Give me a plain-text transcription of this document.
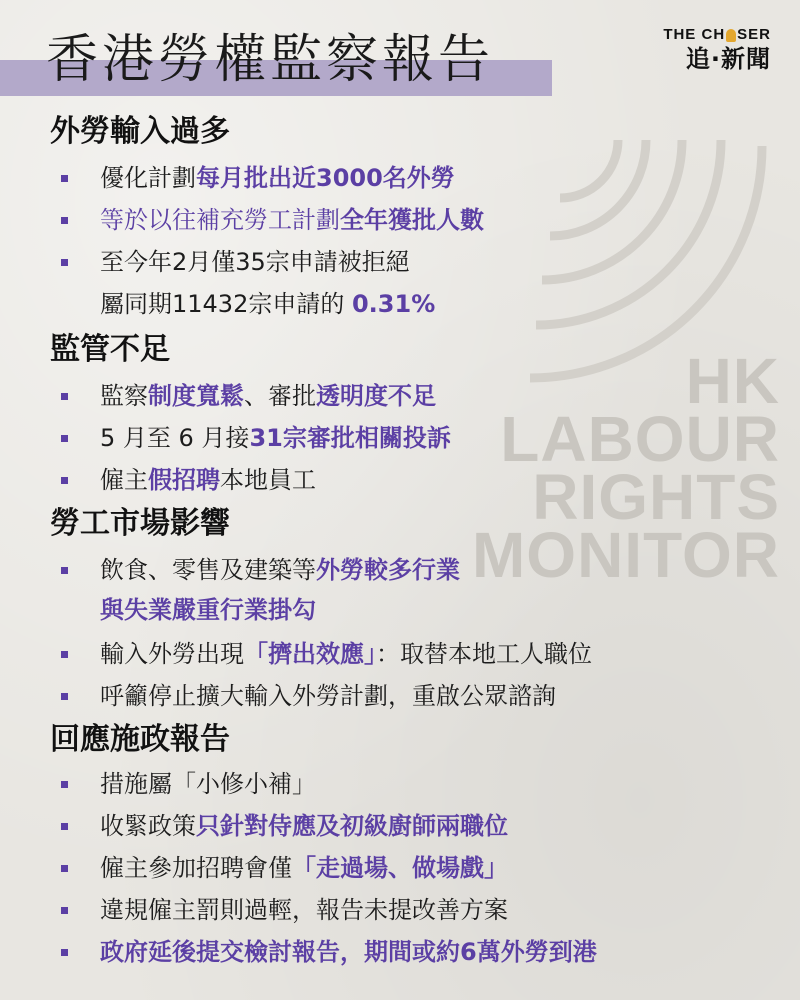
香港勞權監察報告	THE CH SER
追·新聞
HK
LABOUR
RIGHTS
MONITOR
外勞輸入過多
優化計劃每月批出近3000名外勞
等於以往補充勞工計劃全年獲批人數
至今年2月僅35宗申請被拒絕
屬同期11432宗申請的 0.31%
監管不足
監察制度寬鬆、審批透明度不足
5 月至 6 月接31宗審批相關投訴
僱主假招聘本地員工
勞工市場影響
飲食、零售及建築等外勞較多行業
與失業嚴重行業掛勾
輸入外勞出現「擠出效應」：取替本地工人職位
呼籲停止擴大輸入外勞計劃，重啟公眾諮詢
回應施政報告
措施屬「小修小補」
收緊政策只針對侍應及初級廚師兩職位
僱主參加招聘會僅「走過場、做場戲」
違規僱主罰則過輕，報告未提改善方案
政府延後提交檢討報告，期間或約6萬外勞到港
